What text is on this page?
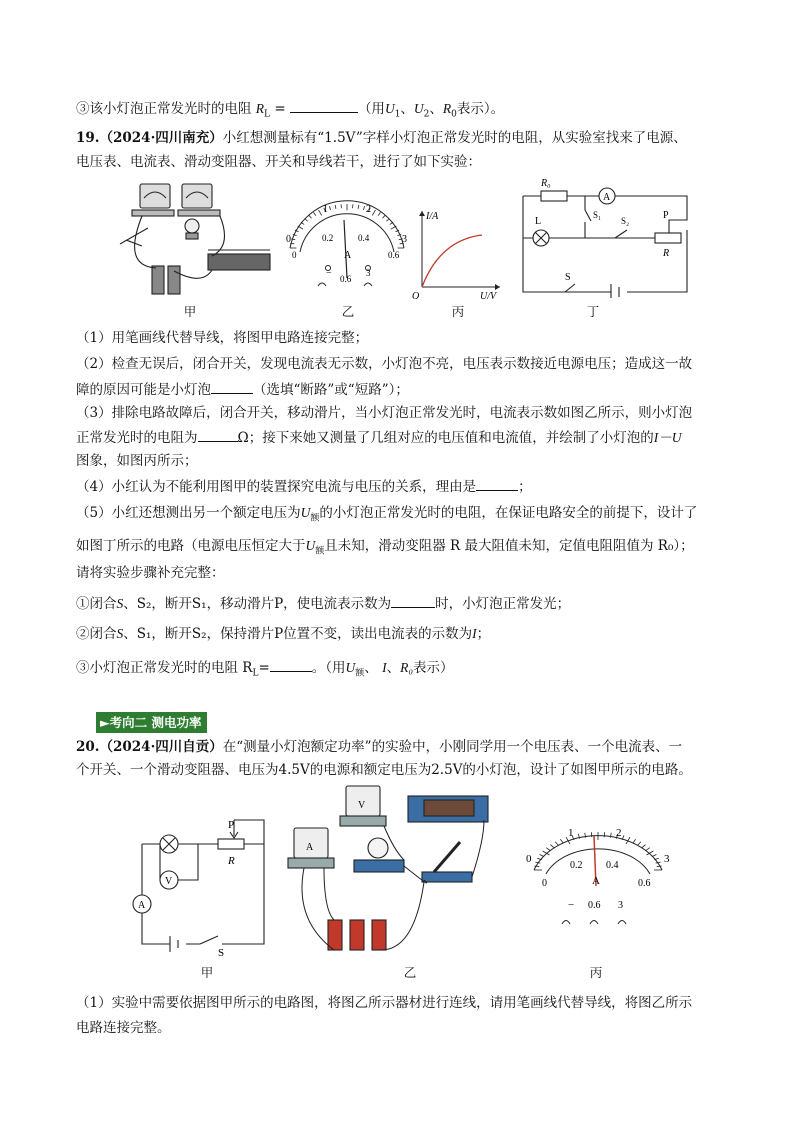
③该小灯泡正常发光时的电阻 $R_L$ =	（用$U_1$、$U_2$、$R_0$表示）。
19.（2024·四川南充）小红想测量标有“1.5V”字样小灯泡正常发光时的电阻，从实验室找来了电源、
电压表、电流表、滑动变阻器、开关和导线若干，进行了如下实验：
甲
0
1	2
3
0
0.2	0.4
0.6
A
− 0.6
3
乙
I/A
U/V
O
丙
R₀
A
L
S₁
S₂	P
R
S
丁
（1）用笔画线代替导线，将图甲电路连接完整；
（2）检查无误后，闭合开关，发现电流表无示数，小灯泡不亮，电压表示数接近电源电压；造成这一故
障的原因可能是小灯泡	（选填“断路”或“短路”）；
（3）排除电路故障后，闭合开关，移动滑片，当小灯泡正常发光时，电流表示数如图乙所示，则小灯泡
正常发光时的电阻为	Ω；接下来她又测量了几组对应的电压值和电流值，并绘制了小灯泡的I－U
图象，如图丙所示；
（4）小红认为不能利用图甲的装置探究电流与电压的关系，理由是	；
（5）小红还想测出另一个额定电压为$U_额$的小灯泡正常发光时的电阻，在保证电路安全的前提下，设计了
如图丁所示的电路（电源电压恒定大于$U_额$且未知，滑动变阻器 R 最大阻值未知，定值电阻阻值为 R₀）；
请将实验步骤补充完整：
①闭合S、S₂，断开S₁，移动滑片P，使电流表示数为	时，小灯泡正常发光；
②闭合S、S₁，断开S₂，保持滑片P位置不变，读出电流表的示数为I；
③小灯泡正常发光时的电阻 $R_L=$	。（用$U_额$、 I、R₀表示）
►考向二 测电功率
20.（2024·四川自贡）在“测量小灯泡额定功率”的实验中，小刚同学用一个电压表、一个电流表、一
个开关、一个滑动变阻器、电压为4.5V的电源和额定电压为2.5V的小灯泡，设计了如图甲所示的电路。
P
R
V
A
S
甲
V
A
乙
0
1	2
3
0
0.2 0.4
0.6
A
− 0.6 3
丙
（1）实验中需要依据图甲所示的电路图，将图乙所示器材进行连线，请用笔画线代替导线，将图乙所示
电路连接完整。
